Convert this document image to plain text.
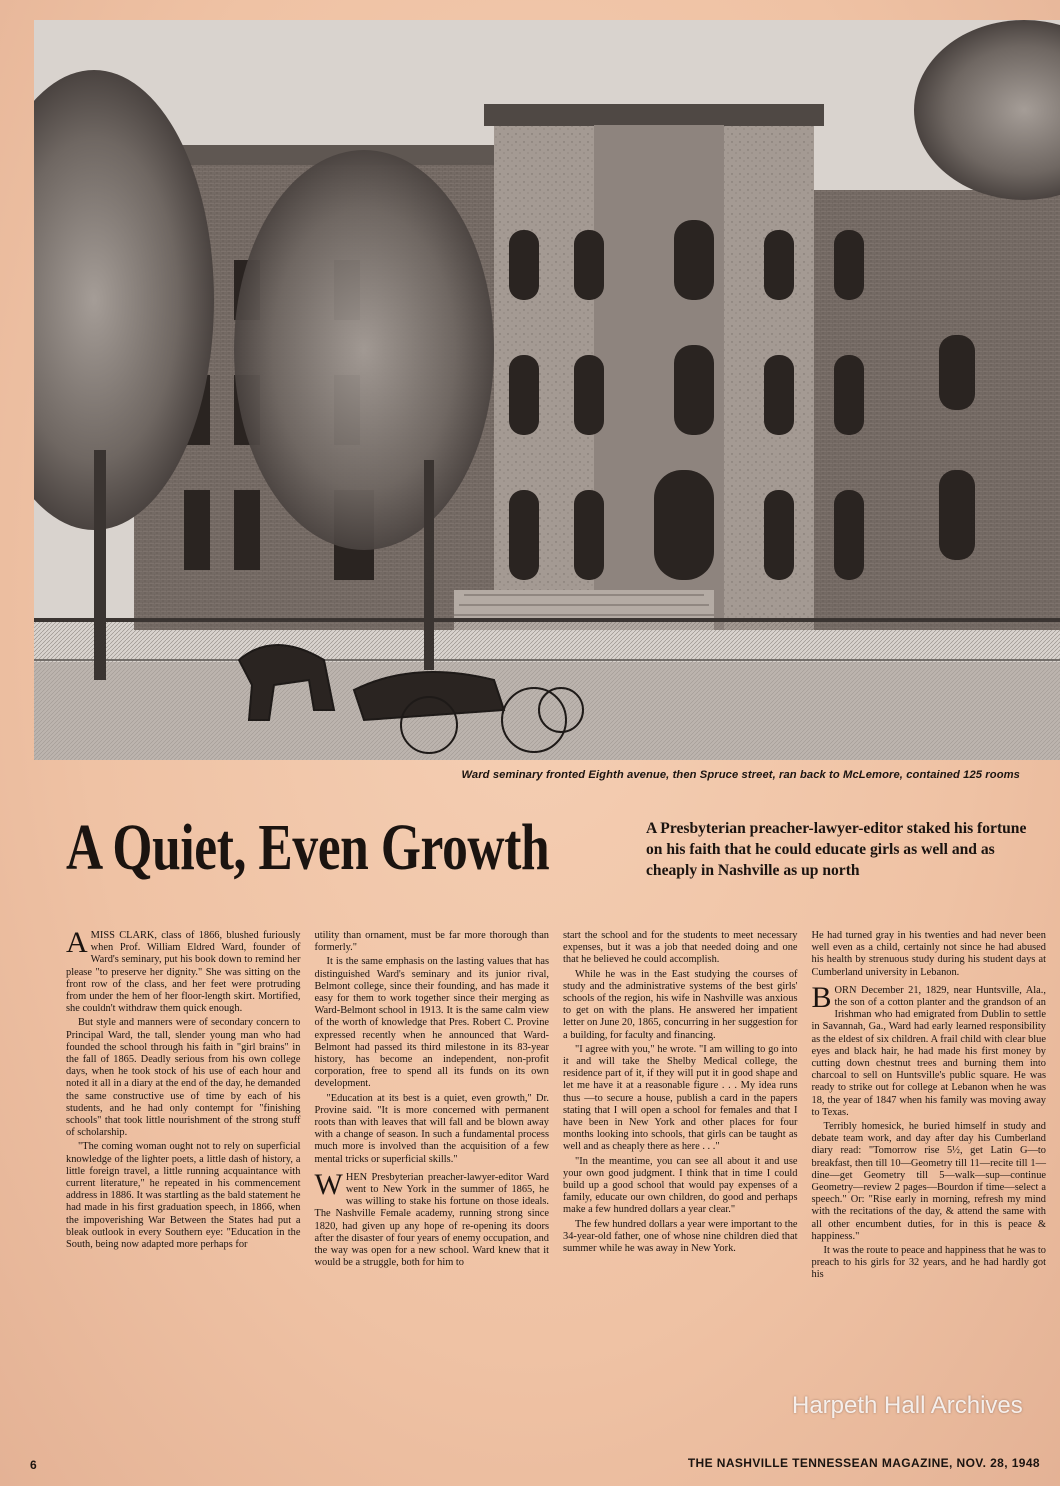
Ward seminary fronted Eighth avenue, then Spruce street, ran back to McLemore, contained 125 rooms
A Quiet, Even Growth	A Presbyterian preacher-lawyer-editor staked his fortune on his faith that he could educate girls as well and as cheaply in Nashville as up north

AMISS CLARK, class of 1866, blushed furiously when Prof. William Eldred Ward, founder of Ward's seminary, put his book down to remind her please "to preserve her dignity." She was sitting on the front row of the class, and her feet were protruding from under the hem of her floor-length skirt. Mortified, she couldn't withdraw them quick enough.

But style and manners were of secondary concern to Principal Ward, the tall, slender young man who had founded the school through his faith in "girl brains" in the fall of 1865. Deadly serious from his own college days, when he took stock of his use of each hour and noted it all in a diary at the end of the day, he demanded the same constructive use of time by each of his students, and he had only contempt for "finishing schools" that took little nourishment of the strong stuff of scholarship.

"The coming woman ought not to rely on superficial knowledge of the lighter poets, a little dash of history, a little foreign travel, a little running acquaintance with current literature," he repeated in his commencement address in 1886. It was startling as the bald statement he had made in his first graduation speech, in 1866, when the impoverishing War Between the States had put a bleak outlook in every Southern eye: "Education in the South, being now adapted more perhaps for

utility than ornament, must be far more thorough than formerly."

It is the same emphasis on the lasting values that has distinguished Ward's seminary and its junior rival, Belmont college, since their founding, and has made it easy for them to work together since their merging as Ward-Belmont school in 1913. It is the same calm view of the worth of knowledge that Pres. Robert C. Provine expressed recently when he announced that Ward-Belmont had passed its third milestone in its 83-year history, has become an independent, non-profit corporation, free to spend all its funds on its own development.

"Education at its best is a quiet, even growth," Dr. Provine said. "It is more concerned with permanent roots than with leaves that will fall and be blown away with a change of season. In such a fundamental process much more is involved than the acquisition of a few mental tricks or superficial skills."

WHEN Presbyterian preacher-lawyer-editor Ward went to New York in the summer of 1865, he was willing to stake his fortune on those ideals. The Nashville Female academy, running strong since 1820, had given up any hope of re-opening its doors after the disaster of four years of enemy occupation, and the way was open for a new school. Ward knew that it would be a struggle, both for him to

start the school and for the students to meet necessary expenses, but it was a job that needed doing and one that he believed he could accomplish.

While he was in the East studying the courses of study and the administrative systems of the best girls' schools of the region, his wife in Nashville was anxious to get on with the plans. He answered her impatient letter on June 20, 1865, concurring in her suggestion for a building, for faculty and financing.

"I agree with you," he wrote. "I am willing to go into it and will take the Shelby Medical college, the residence part of it, if they will put it in good shape and let me have it at a reasonable figure . . . My idea runs thus —to secure a house, publish a card in the papers stating that I will open a school for females and that I have been in New York and other places for four months looking into schools, that girls can be taught as well and as cheaply there as here . . ."

"In the meantime, you can see all about it and use your own good judgment. I think that in time I could build up a good school that would pay expenses of a family, educate our own children, do good and perhaps make a few hundred dollars a year clear."

The few hundred dollars a year were important to the 34-year-old father, one of whose nine children died that summer while he was away in New York.

He had turned gray in his twenties and had never been well even as a child, certainly not since he had abused his health by strenuous study during his student days at Cumberland university in Lebanon.

BORN December 21, 1829, near Huntsville, Ala., the son of a cotton planter and the grandson of an Irishman who had emigrated from Dublin to settle in Savannah, Ga., Ward had early learned responsibility as the eldest of six children. A frail child with clear blue eyes and black hair, he had made his first money by cutting down chestnut trees and burning them into charcoal to sell on Huntsville's public square. He was ready to strike out for college at Lebanon when he was 18, the year of 1847 when his family was moving away to Texas.

Terribly homesick, he buried himself in study and debate team work, and day after day his Cumberland diary read: "Tomorrow rise 5½, get Latin G—to breakfast, then till 10—Geometry till 11—recite till 1—dine—get Geometry till 5—walk—sup—continue Geometry—review 2 pages—Bourdon if time—select a speech." Or: "Rise early in morning, refresh my mind with the recitations of the day, & attend the same with all other encumbent duties, for in this is peace & happiness."

It was the route to peace and happiness that he was to preach to his girls for 32 years, and he had hardly got his

Harpeth Hall Archives
6	THE NASHVILLE TENNESSEAN MAGAZINE, NOV. 28, 1948
